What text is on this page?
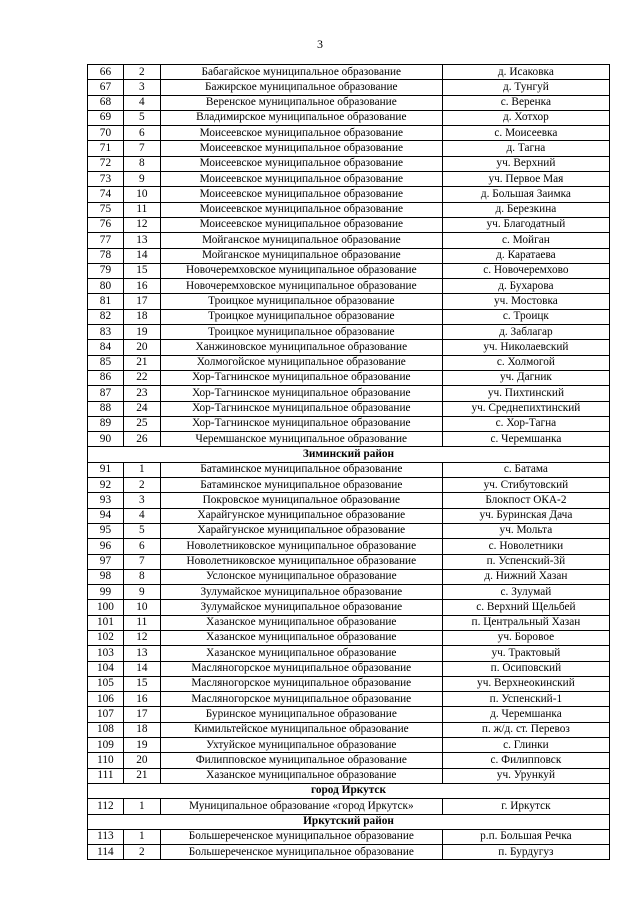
3
66	2	Бабагайское муниципальное образование	д. Исаковка
67	3	Бажирское муниципальное образование	д. Тунгуй
68	4	Веренское муниципальное образование	с. Веренка
69	5	Владимирское муниципальное образование	д. Хотхор
70	6	Моисеевское муниципальное образование	с. Моисеевка
71	7	Моисеевское муниципальное образование	д. Тагна
72	8	Моисеевское муниципальное образование	уч. Верхний
73	9	Моисеевское муниципальное образование	уч. Первое Мая
74	10	Моисеевское муниципальное образование	д. Большая Заимка
75	11	Моисеевское муниципальное образование	д. Березкина
76	12	Моисеевское муниципальное образование	уч. Благодатный
77	13	Мойганское муниципальное образование	с. Мойган
78	14	Мойганское муниципальное образование	д. Каратаева
79	15	Новочеремховское муниципальное образование	с. Новочеремхово
80	16	Новочеремховское муниципальное образование	д. Бухарова
81	17	Троицкое муниципальное образование	уч. Мостовка
82	18	Троицкое муниципальное образование	с. Троицк
83	19	Троицкое муниципальное образование	д. Заблагар
84	20	Ханжиновское муниципальное образование	уч. Николаевский
85	21	Холмогойское муниципальное образование	с. Холмогой
86	22	Хор-Тагнинское муниципальное образование	уч. Дагник
87	23	Хор-Тагнинское муниципальное образование	уч. Пихтинский
88	24	Хор-Тагнинское муниципальное образование	уч. Среднепихтинский
89	25	Хор-Тагнинское муниципальное образование	с. Хор-Тагна
90	26	Черемшанское муниципальное образование	с. Черемшанка
Зиминский район			
91	1	Батаминское муниципальное образование	с. Батама
92	2	Батаминское муниципальное образование	уч. Стибутовский
93	3	Покровское муниципальное образование	Блокпост ОКА-2
94	4	Харайгунское муниципальное образование	уч. Буринская Дача
95	5	Харайгунское муниципальное образование	уч. Мольта
96	6	Новолетниковское муниципальное образование	с. Новолетники
97	7	Новолетниковское муниципальное образование	п. Успенский-3й
98	8	Услонское муниципальное образование	д. Нижний Хазан
99	9	Зулумайское муниципальное образование	с. Зулумай
100	10	Зулумайское муниципальное образование	с. Верхний Щельбей
101	11	Хазанское муниципальное образование	п. Центральный Хазан
102	12	Хазанское муниципальное образование	уч. Боровое
103	13	Хазанское муниципальное образование	уч. Трактовый
104	14	Масляногорское муниципальное образование	п. Осиповский
105	15	Масляногорское муниципальное образование	уч. Верхнеокинский
106	16	Масляногорское муниципальное образование	п. Успенский-1
107	17	Буринское муниципальное образование	д. Черемшанка
108	18	Кимильтейское муниципальное образование	п. ж/д. ст. Перевоз
109	19	Ухтуйское муниципальное образование	с. Глинки
110	20	Филипповское муниципальное образование	с. Филипповск
111	21	Хазанское муниципальное образование	уч. Урункуй
город Иркутск			
112	1	Муниципальное образование «город Иркутск»	г. Иркутск
Иркутский район			
113	1	Большереченское муниципальное образование	р.п. Большая Речка
114	2	Большереченское муниципальное образование	п. Бурдугуз
